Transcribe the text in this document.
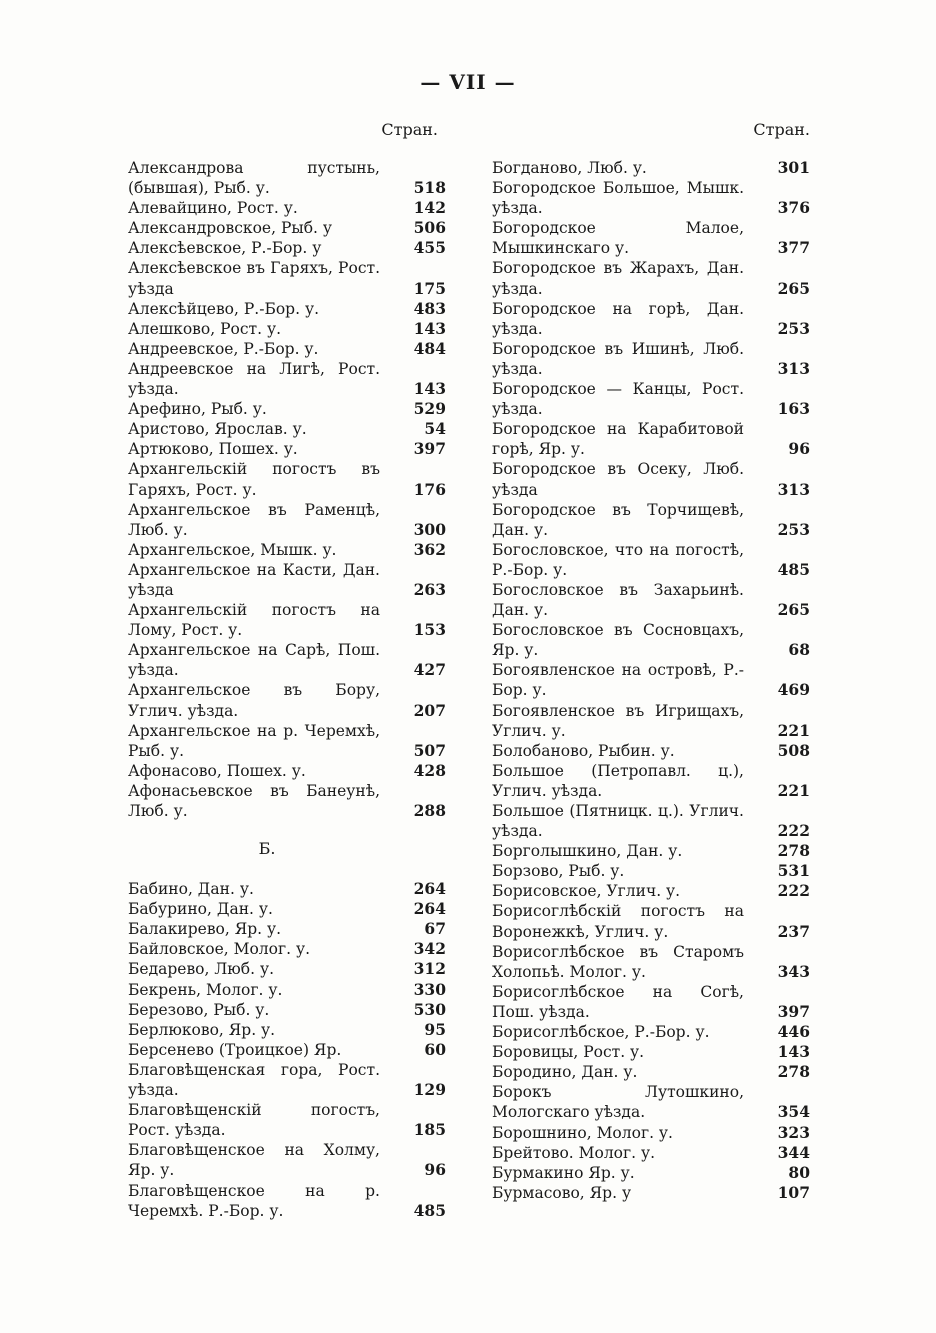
— VII —
Стран.
Александрова пустынь, (бывшая), Рыб. у.	518
Алевайцино, Рост. у.	142
Александровское, Рыб. у	506
Алексѣевское, Р.-Бор. у	455
Алексѣевское въ Гаряхъ, Рост. уѣзда	175
Алексѣйцево, Р.-Бор. у.	483
Алешково, Рост. у.	143
Андреевское, Р.-Бор. у.	484
Андреевское на Лигѣ, Рост. уѣзда.	143
Арефино, Рыб. у.	529
Аристово, Ярослав. у.	54
Артюково, Пошех. у.	397
Архангельскій погостъ въ Гаряхъ, Рост. у.	176
Архангельское въ Раменцѣ, Люб. у.	300
Архангельское, Мышк. у.	362
Архангельское на Касти, Дан. уѣзда	263
Архангельскій погостъ на Лому, Рост. у.	153
Архангельское на Сарѣ, Пош. уѣзда.	427
Архангельское въ Бору, Углич. уѣзда.	207
Архангельское на р. Черемхѣ, Рыб. у.	507
Афонасово, Пошех. у.	428
Афонасьевское въ Банеунѣ, Люб. у.	288
Б.
Бабино, Дан. у.	264
Бабурино, Дан. у.	264
Балакирево, Яр. у.	67
Байловское, Молог. у.	342
Бедарево, Люб. у.	312
Бекрень, Молог. у.	330
Березово, Рыб. у.	530
Берлюково, Яр. у.	95
Берсенево (Троицкое) Яр.	60
Благовѣщенская гора, Рост. уѣзда.	129
Благовѣщенскій погостъ, Рост. уѣзда.	185
Благовѣщенское на Холму, Яр. у.	96
Благовѣщенское на р. Черемхѣ. Р.-Бор. у.	485
Стран.
Богданово, Люб. у.	301
Богородское Большое, Мышк. уѣзда.	376
Богородское Малое, Мышкинскаго у.	377
Богородское въ Жарахъ, Дан. уѣзда.	265
Богородское на горѣ, Дан. уѣзда.	253
Богородское въ Ишинѣ, Люб. уѣзда.	313
Богородское — Канцы, Рост. уѣзда.	163
Богородское на Карабитовой горѣ, Яр. у.	96
Богородское въ Осеку, Люб. уѣзда	313
Богородское въ Торчищевѣ, Дан. у.	253
Богословское, что на погостѣ, Р.-Бор. у.	485
Богословское въ Захарьинѣ. Дан. у.	265
Богословское въ Сосновцахъ, Яр. у.	68
Богоявленское на островѣ, Р.-Бор. у.	469
Богоявленское въ Игрищахъ, Углич. у.	221
Болобаново, Рыбин. у.	508
Большое (Петропавл. ц.), Углич. уѣзда.	221
Большое (Пятницк. ц.). Углич. уѣзда.	222
Борголышкино, Дан. у.	278
Борзово, Рыб. у.	531
Борисовское, Углич. у.	222
Борисоглѣбскій погостъ на Воронежкѣ, Углич. у.	237
Ворисоглѣбское въ Старомъ Холопьѣ. Молог. у.	343
Борисоглѣбское на Согѣ, Пош. уѣзда.	397
Борисоглѣбское, Р.-Бор. у.	446
Боровицы, Рост. у.	143
Бородино, Дан. у.	278
Борокъ Лутошкино, Мологскаго уѣзда.	354
Борошнино, Молог. у.	323
Брейтово. Молог. у.	344
Бурмакино Яр. у.	80
Бурмасово, Яр. у	107
